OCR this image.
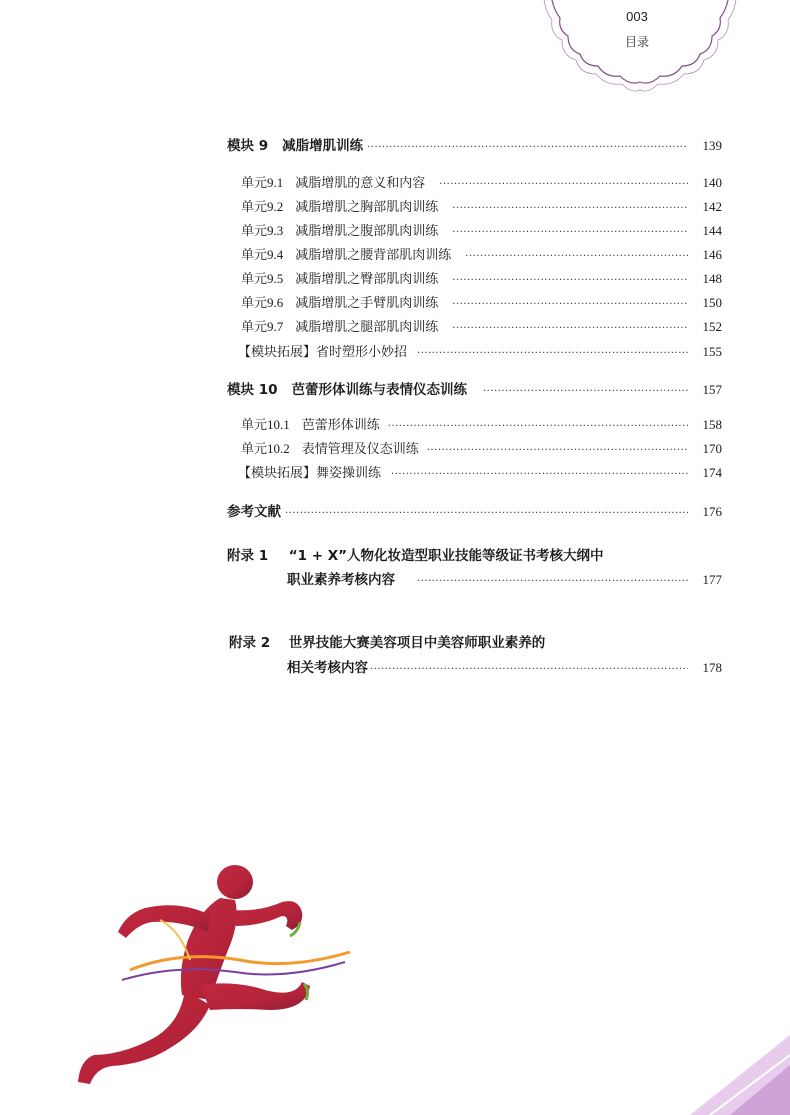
003
目录
模块 9 减脂增肌训练 ·····	139
单元 9.1 减脂增肌的意义和内容 ·····	140
单元 9.2 减脂增肌之胸部肌肉训练 ·····	142
单元 9.3 减脂增肌之腹部肌肉训练 ·····	144
单元 9.4 减脂增肌之腰背部肌肉训练 ·····	146
单元 9.5 减脂增肌之臀部肌肉训练 ·····	148
单元 9.6 减脂增肌之手臂肌肉训练 ·····	150
单元 9.7 减脂增肌之腿部肌肉训练 ·····	152
【模块拓展】省时塑形小妙招 ·····	155
模块 10 芭蕾形体训练与表情仪态训练 ·····	157
单元 10.1 芭蕾形体训练 ·····	158
单元 10.2 表情管理及仪态训练 ·····	170
【模块拓展】舞姿操训练 ·····	174
参考文献 ·····	176
附录 1 “1 + X”人物化妆造型职业技能等级证书考核大纲中
职业素养考核内容 ·····	177
附录 2 世界技能大赛美容项目中美容师职业素养的
相关考核内容 ·····	178
